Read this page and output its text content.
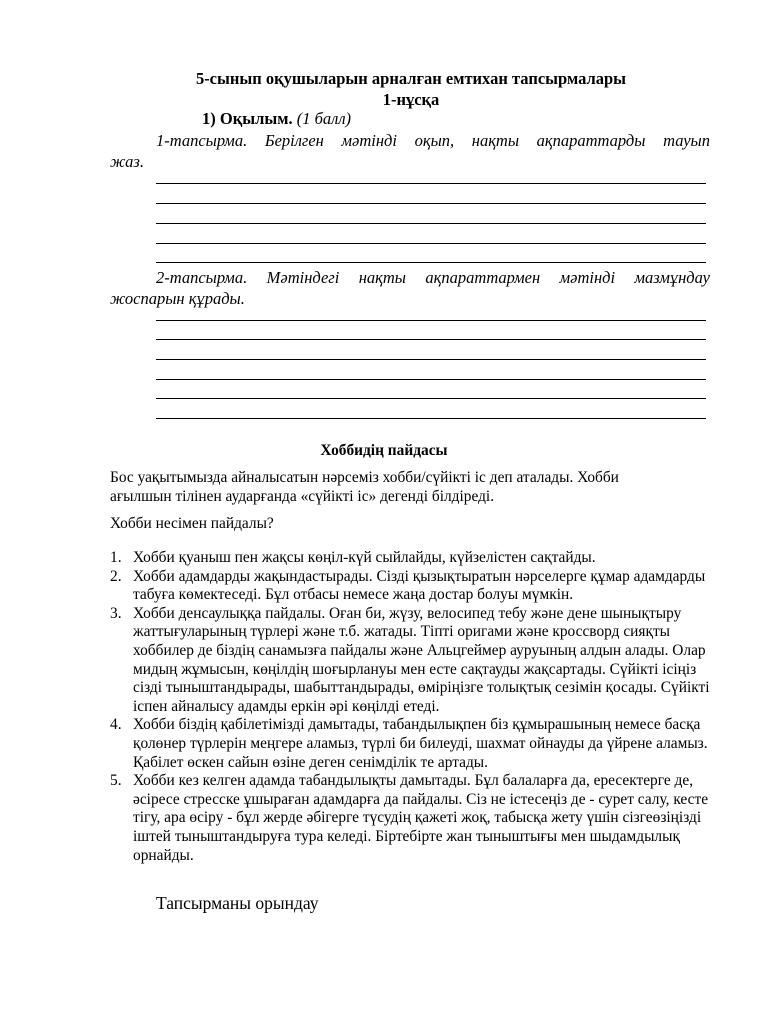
5-сынып оқушыларын арналған емтихан тапсырмалары
1-нұсқа
1) Оқылым. (1 балл)
1-тапсырма. Берілген мәтінді оқып, нақты ақпараттарды тауып
жаз.
2-тапсырма. Мәтіндегі нақты ақпараттармен мәтінді мазмұндау
жоспарын құрады.
Хоббидің пайдасы
Бос уақытымызда айналысатын нәрсеміз хобби/сүйікті іс деп аталады. Хобби
ағылшын тілінен аударғанда «сүйікті іс» дегенді білдіреді.
Хобби несімен пайдалы?
1. Хобби қуаныш пен жақсы көңіл-күй сыйлайды, күйзелістен сақтайды.
2. Хобби адамдарды жақындастырады. Сізді қызықтыратын нәрселерге құмар адамдарды табуға көмектеседі. Бұл отбасы немесе жаңа достар болуы мүмкін.
3. Хобби денсаулыққа пайдалы. Оған би, жүзу, велосипед тебу және дене шынықтыру жаттығуларының түрлері және т.б. жатады. Тіпті оригами және кроссворд сияқты хоббилер де біздің санамызға пайдалы және Альцгеймер ауруының алдын алады. Олар мидың жұмысын, көңілдің шоғырлануы мен есте сақтауды жақсартады. Сүйікті ісіңіз сізді тыныштандырады, шабыттандырады, өміріңізге толықтық сезімін қосады. Сүйікті іспен айналысу адамды еркін әрі көңілді етеді.
4. Хобби біздің қабілетімізді дамытады, табандылықпен біз құмырашының немесе басқа қолөнер түрлерін меңгере аламыз, түрлі би билеуді, шахмат ойнауды да үйрене аламыз. Қабілет өскен сайын өзіне деген сенімділік те артады.
5. Хобби кез келген адамда табандылықты дамытады. Бұл балаларға да, ересектерге де, әсіресе стресске ұшыраған адамдарға да пайдалы. Сіз не істесеңіз де - сурет салу, кесте тігу, ара өсіру - бұл жерде әбігерге түсудің қажеті жоқ, табысқа жету үшін сізгеөзіңізді іштей тыныштандыруға тура келеді. Біртебірте жан тыныштығы мен шыдамдылық орнайды.
Тапсырманы орындау
